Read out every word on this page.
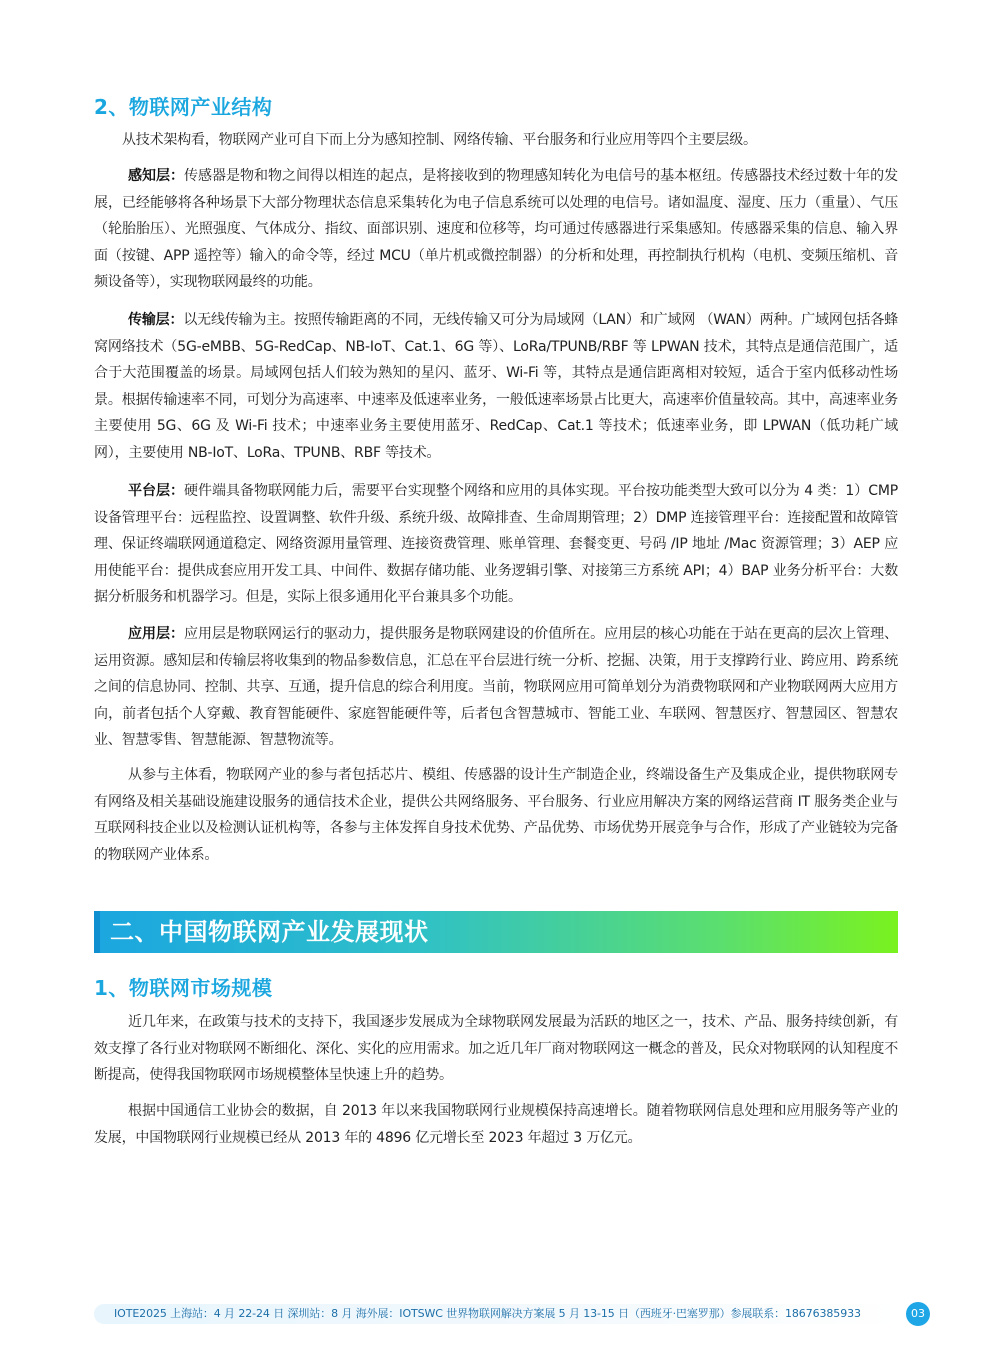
2、物联网产业结构

从技术架构看，物联网产业可自下而上分为感知控制、网络传输、平台服务和行业应用等四个主要层级。

感知层：传感器是物和物之间得以相连的起点，是将接收到的物理感知转化为电信号的基本枢纽。传感器技术经过数十年的发展，已经能够将各种场景下大部分物理状态信息采集转化为电子信息系统可以处理的电信号。诸如温度、湿度、压力（重量）、气压（轮胎胎压）、光照强度、气体成分、指纹、面部识别、速度和位移等，均可通过传感器进行采集感知。传感器采集的信息、输入界面（按键、APP 遥控等）输入的命令等，经过 MCU（单片机或微控制器）的分析和处理，再控制执行机构（电机、变频压缩机、音频设备等），实现物联网最终的功能。

传输层：以无线传输为主。按照传输距离的不同，无线传输又可分为局域网（LAN）和广域网 （WAN）两种。广域网包括各蜂窝网络技术（5G-eMBB、5G-RedCap、NB-IoT、Cat.1、6G 等）、LoRa/TPUNB/RBF 等 LPWAN 技术，其特点是通信范围广，适合于大范围覆盖的场景。局域网包括人们较为熟知的星闪、蓝牙、Wi-Fi 等，其特点是通信距离相对较短，适合于室内低移动性场景。根据传输速率不同，可划分为高速率、中速率及低速率业务，一般低速率场景占比更大，高速率价值量较高。其中，高速率业务主要使用 5G、6G 及 Wi-Fi 技术；中速率业务主要使用蓝牙、RedCap、Cat.1 等技术；低速率业务，即 LPWAN（低功耗广域网），主要使用 NB-IoT、LoRa、TPUNB、RBF 等技术。

平台层：硬件端具备物联网能力后，需要平台实现整个网络和应用的具体实现。平台按功能类型大致可以分为 4 类：1）CMP 设备管理平台：远程监控、设置调整、软件升级、系统升级、故障排查、生命周期管理；2）DMP 连接管理平台：连接配置和故障管理、保证终端联网通道稳定、网络资源用量管理、连接资费管理、账单管理、套餐变更、号码 /IP 地址 /Mac 资源管理；3）AEP 应用使能平台：提供成套应用开发工具、中间件、数据存储功能、业务逻辑引擎、对接第三方系统 API；4）BAP 业务分析平台：大数据分析服务和机器学习。但是，实际上很多通用化平台兼具多个功能。

应用层：应用层是物联网运行的驱动力，提供服务是物联网建设的价值所在。应用层的核心功能在于站在更高的层次上管理、运用资源。感知层和传输层将收集到的物品参数信息，汇总在平台层进行统一分析、挖掘、决策，用于支撑跨行业、跨应用、跨系统之间的信息协同、控制、共享、互通，提升信息的综合利用度。当前，物联网应用可简单划分为消费物联网和产业物联网两大应用方向，前者包括个人穿戴、教育智能硬件、家庭智能硬件等，后者包含智慧城市、智能工业、车联网、智慧医疗、智慧园区、智慧农业、智慧零售、智慧能源、智慧物流等。

从参与主体看，物联网产业的参与者包括芯片、模组、传感器的设计生产制造企业，终端设备生产及集成企业，提供物联网专有网络及相关基础设施建设服务的通信技术企业，提供公共网络服务、平台服务、行业应用解决方案的网络运营商 IT 服务类企业与互联网科技企业以及检测认证机构等，各参与主体发挥自身技术优势、产品优势、市场优势开展竞争与合作，形成了产业链较为完备的物联网产业体系。

二、中国物联网产业发展现状
1、物联网市场规模

近几年来，在政策与技术的支持下，我国逐步发展成为全球物联网发展最为活跃的地区之一，技术、产品、服务持续创新，有效支撑了各行业对物联网不断细化、深化、实化的应用需求。加之近几年厂商对物联网这一概念的普及，民众对物联网的认知程度不断提高，使得我国物联网市场规模整体呈快速上升的趋势。

根据中国通信工业协会的数据，自 2013 年以来我国物联网行业规模保持高速增长。随着物联网信息处理和应用服务等产业的发展，中国物联网行业规模已经从 2013 年的 4896 亿元增长至 2023 年超过 3 万亿元。

IOTE2025 上海站：4 月 22-24 日 深圳站：8 月 海外展：IOTSWC 世界物联网解决方案展 5 月 13-15 日（西班牙·巴塞罗那）参展联系：18676385933	03
